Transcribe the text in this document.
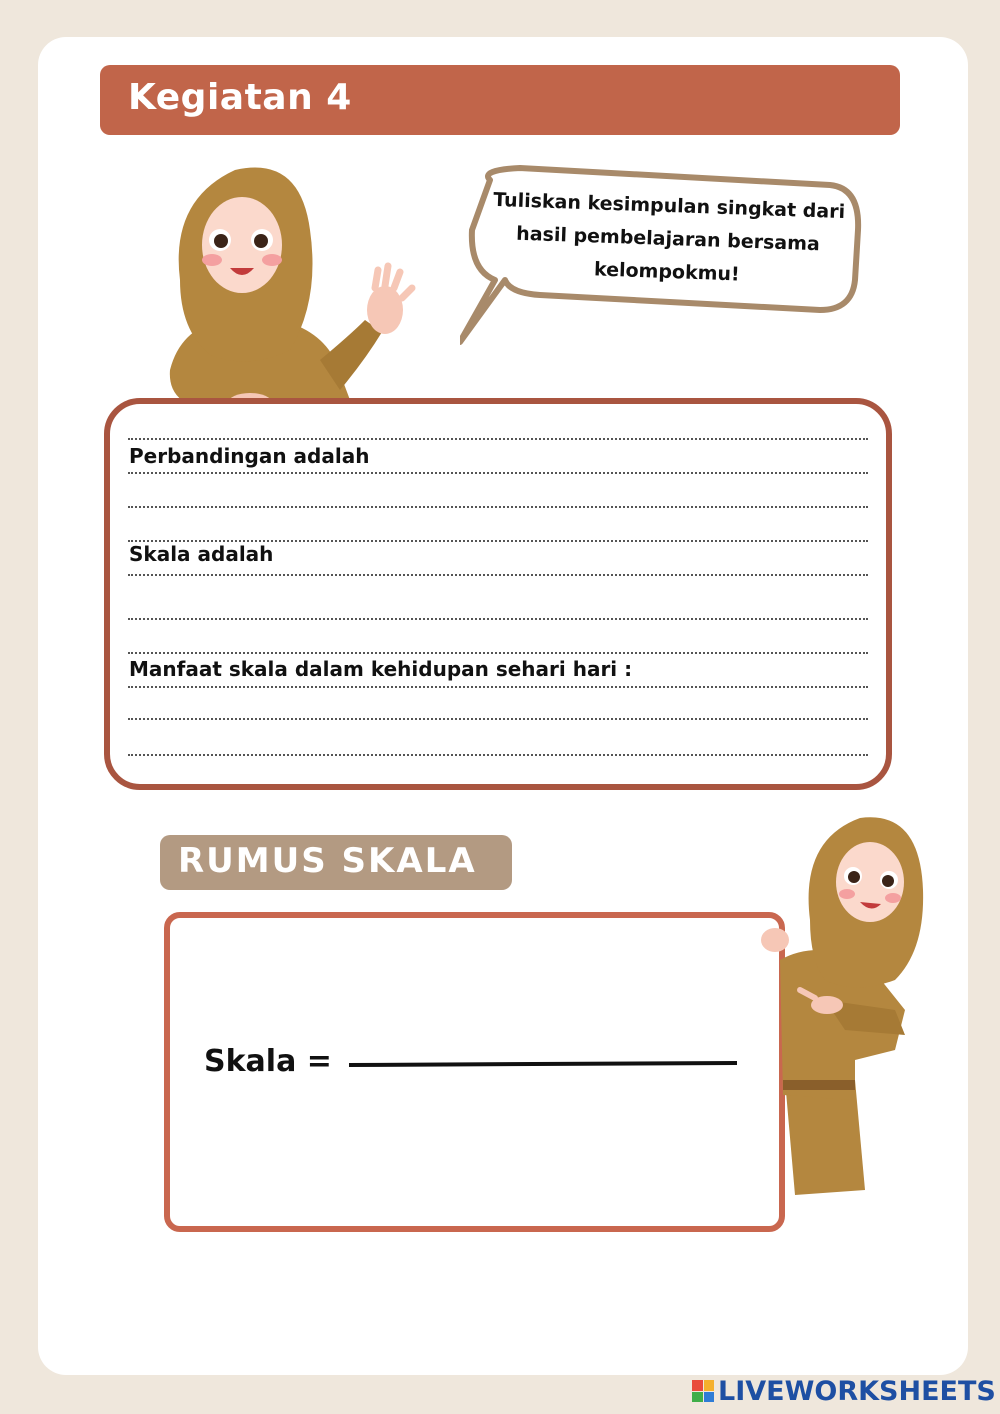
Kegiatan 4
Tuliskan kesimpulan singkat dari hasil pembelajaran bersama kelompokmu!
Perbandingan adalah
Skala adalah
Manfaat skala dalam kehidupan sehari hari :
RUMUS SKALA
Skala =
LIVEWORKSHEETS
